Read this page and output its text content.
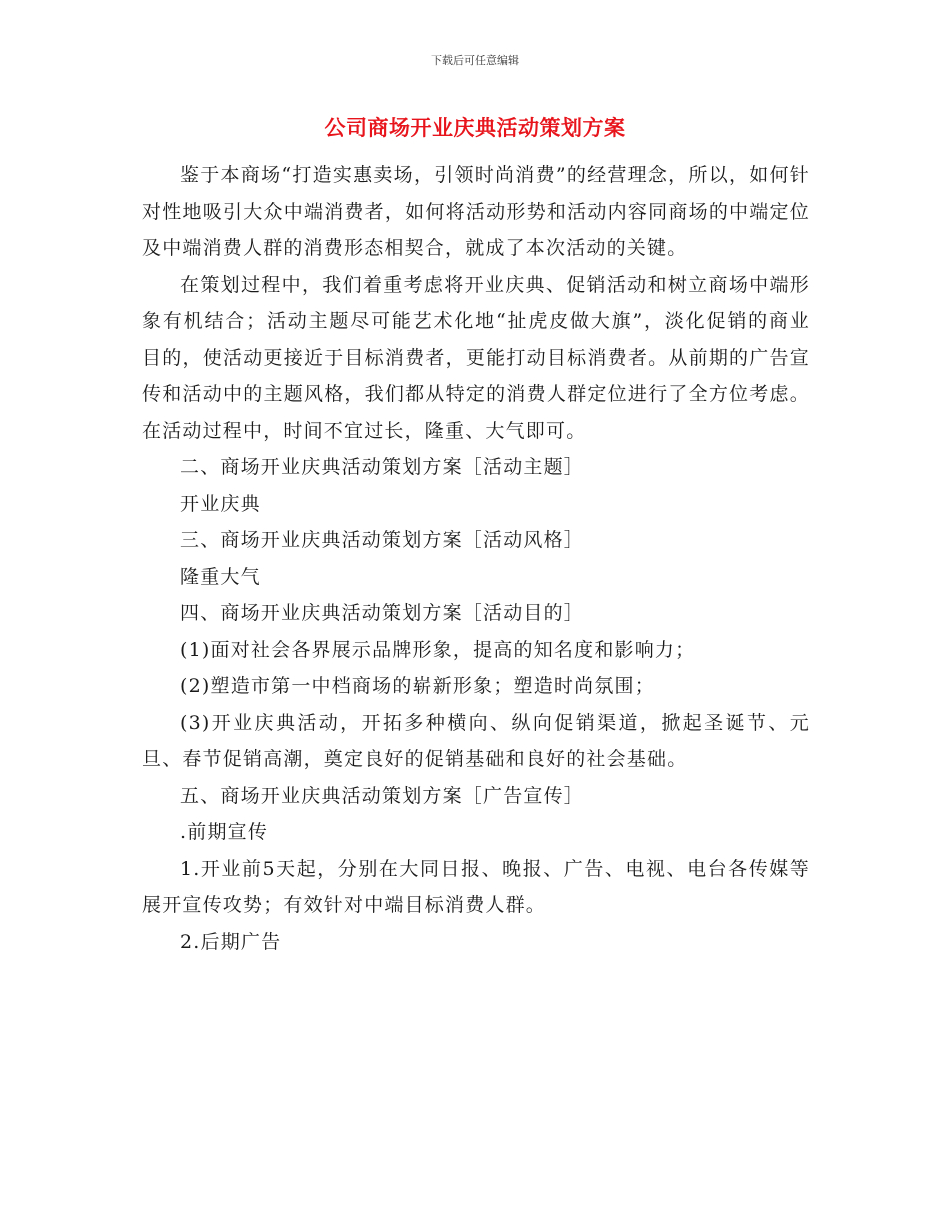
下载后可任意编辑
公司商场开业庆典活动策划方案

鉴于本商场“打造实惠卖场，引领时尚消费”的经营理念，所以，如何针对性地吸引大众中端消费者，如何将活动形势和活动内容同商场的中端定位及中端消费人群的消费形态相契合，就成了本次活动的关键。

在策划过程中，我们着重考虑将开业庆典、促销活动和树立商场中端形象有机结合；活动主题尽可能艺术化地“扯虎皮做大旗”，淡化促销的商业目的，使活动更接近于目标消费者，更能打动目标消费者。从前期的广告宣传和活动中的主题风格，我们都从特定的消费人群定位进行了全方位考虑。在活动过程中，时间不宜过长，隆重、大气即可。

二、商场开业庆典活动策划方案［活动主题］

开业庆典

三、商场开业庆典活动策划方案［活动风格］

隆重大气

四、商场开业庆典活动策划方案［活动目的］

(1)面对社会各界展示品牌形象，提高的知名度和影响力；

(2)塑造市第一中档商场的崭新形象；塑造时尚氛围；

(3)开业庆典活动，开拓多种横向、纵向促销渠道，掀起圣诞节、元旦、春节促销高潮，奠定良好的促销基础和良好的社会基础。

五、商场开业庆典活动策划方案［广告宣传］

.前期宣传

1.开业前5天起，分别在大同日报、晚报、广告、电视、电台各传媒等展开宣传攻势；有效针对中端目标消费人群。

2.后期广告
